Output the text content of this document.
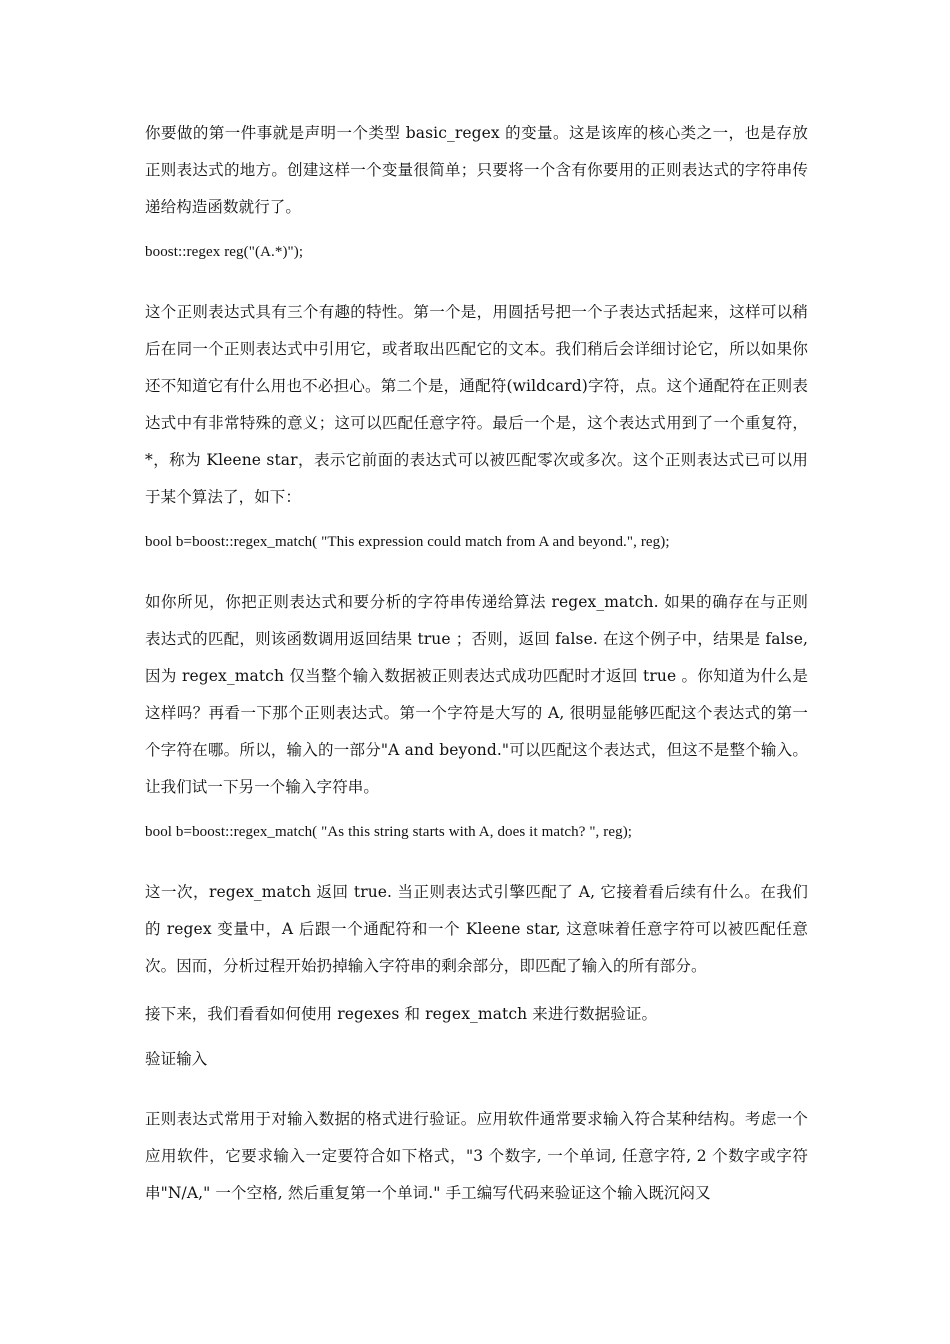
你要做的第一件事就是声明一个类型 basic_regex 的变量。这是该库的核心类之一，也是存放正则表达式的地方。创建这样一个变量很简单；只要将一个含有你要用的正则表达式的字符串传递给构造函数就行了。

boost::regex reg("(A.*)");

这个正则表达式具有三个有趣的特性。第一个是，用圆括号把一个子表达式括起来，这样可以稍后在同一个正则表达式中引用它，或者取出匹配它的文本。我们稍后会详细讨论它，所以如果你还不知道它有什么用也不必担心。第二个是，通配符(wildcard)字符，点。这个通配符在正则表达式中有非常特殊的意义；这可以匹配任意字符。最后一个是，这个表达式用到了一个重复符，*，称为 Kleene star，表示它前面的表达式可以被匹配零次或多次。这个正则表达式已可以用于某个算法了，如下：

bool b=boost::regex_match( "This expression could match from A and beyond.", reg);

如你所见，你把正则表达式和要分析的字符串传递给算法 regex_match. 如果的确存在与正则表达式的匹配，则该函数调用返回结果 true ；否则，返回 false. 在这个例子中，结果是 false, 因为 regex_match 仅当整个输入数据被正则表达式成功匹配时才返回 true 。你知道为什么是这样吗？再看一下那个正则表达式。第一个字符是大写的 A, 很明显能够匹配这个表达式的第一个字符在哪。所以，输入的一部分"A and beyond."可以匹配这个表达式，但这不是整个输入。让我们试一下另一个输入字符串。

bool b=boost::regex_match( "As this string starts with A, does it match? ", reg);

这一次，regex_match 返回 true. 当正则表达式引擎匹配了 A, 它接着看后续有什么。在我们的 regex 变量中，A 后跟一个通配符和一个 Kleene star, 这意味着任意字符可以被匹配任意次。因而，分析过程开始扔掉输入字符串的剩余部分，即匹配了输入的所有部分。

接下来，我们看看如何使用 regexes 和 regex_match 来进行数据验证。

验证输入

正则表达式常用于对输入数据的格式进行验证。应用软件通常要求输入符合某种结构。考虑一个应用软件，它要求输入一定要符合如下格式，"3 个数字, 一个单词, 任意字符, 2 个数字或字符串"N/A," 一个空格, 然后重复第一个单词." 手工编写代码来验证这个输入既沉闷又
